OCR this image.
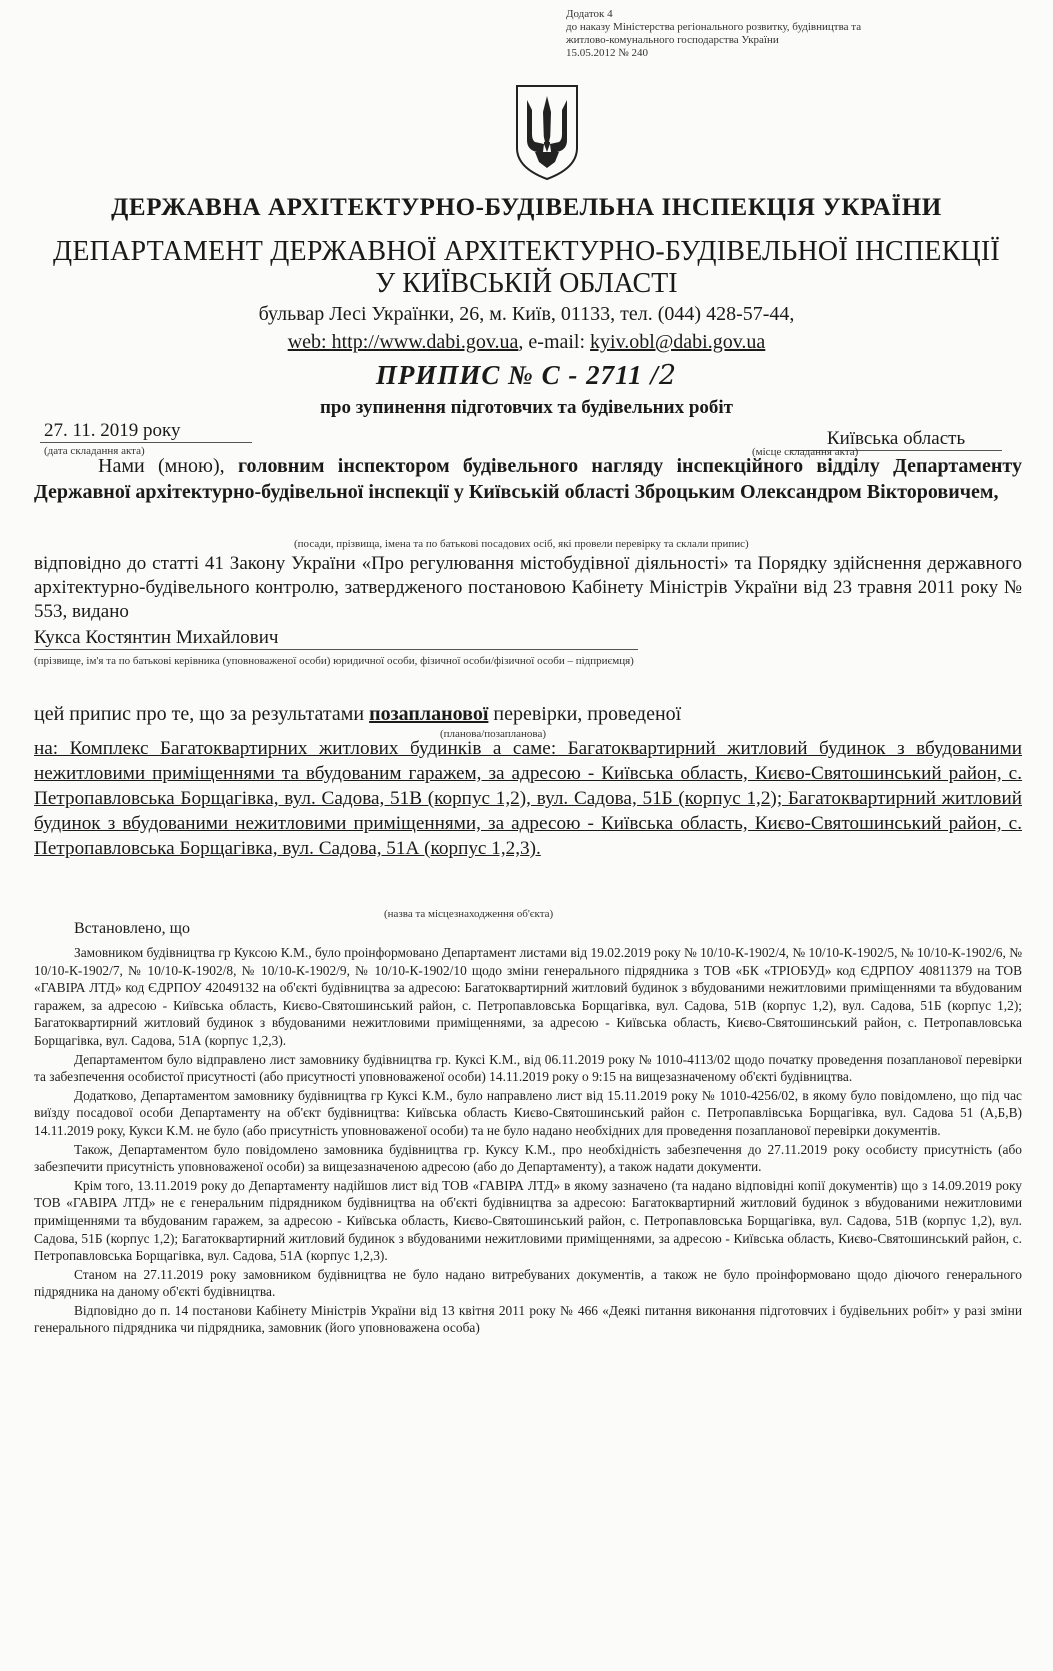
Додаток 4
до наказу Міністерства регіонального розвитку, будівництва та
житлово-комунального господарства України
15.05.2012 № 240
ДЕРЖАВНА АРХІТЕКТУРНО-БУДІВЕЛЬНА ІНСПЕКЦІЯ УКРАЇНИ
ДЕПАРТАМЕНТ ДЕРЖАВНОЇ АРХІТЕКТУРНО-БУДІВЕЛЬНОЇ ІНСПЕКЦІЇ
У КИЇВСЬКІЙ ОБЛАСТІ
бульвар Лесі Українки, 26, м. Київ, 01133, тел. (044) 428-57-44,
web: http://www.dabi.gov.ua, e-mail: kyiv.obl@dabi.gov.ua
ПРИПИС № С - 2711 /2
про зупинення підготовчих та будівельних робіт
27. 11. 2019 року
(дата складання акта)
Київська область
(місце складання акта)
Нами (мною), головним інспектором будівельного нагляду інспекційного відділу Департаменту Державної архітектурно-будівельної інспекції у Київській області Зброцьким Олександром Вікторовичем,
(посади, прізвища, імена та по батькові посадових осіб, які провели перевірку та склали припис)
відповідно до статті 41 Закону України «Про регулювання містобудівної діяльності» та Порядку здійснення державного архітектурно-будівельного контролю, затвердженого постановою Кабінету Міністрів України від 23 травня 2011 року № 553, видано
Кукса Костянтин Михайлович
(прізвище, ім'я та по батькові керівника (уповноваженої особи) юридичної особи, фізичної особи/фізичної особи – підприємця)
цей припис про те, що за результатами позапланової перевірки, проведеної
(планова/позапланова)
на: Комплекс Багатоквартирних житлових будинків а саме: Багатоквартирний житловий будинок з вбудованими нежитловими приміщеннями та вбудованим гаражем, за адресою - Київська область, Києво-Святошинський район, с. Петропавловська Борщагівка, вул. Садова, 51В (корпус 1,2), вул. Садова, 51Б (корпус 1,2); Багатоквартирний житловий будинок з вбудованими нежитловими приміщеннями, за адресою - Київська область, Києво-Святошинський район, с. Петропавловська Борщагівка, вул. Садова, 51А (корпус 1,2,3).
(назва та місцезнаходження об'єкта)
Встановлено, що

Замовником будівництва гр Куксою К.М., було проінформовано Департамент листами від 19.02.2019 року № 10/10-К-1902/4, № 10/10-К-1902/5, № 10/10-К-1902/6, № 10/10-К-1902/7, № 10/10-К-1902/8, № 10/10-К-1902/9, № 10/10-К-1902/10 щодо зміни генерального підрядника з ТОВ «БК «ТРІОБУД» код ЄДРПОУ 40811379 на ТОВ «ГАВІРА ЛТД» код ЄДРПОУ 42049132 на об'єкті будівництва за адресою: Багатоквартирний житловий будинок з вбудованими нежитловими приміщеннями та вбудованим гаражем, за адресою - Київська область, Києво-Святошинський район, с. Петропавловська Борщагівка, вул. Садова, 51В (корпус 1,2), вул. Садова, 51Б (корпус 1,2); Багатоквартирний житловий будинок з вбудованими нежитловими приміщеннями, за адресою - Київська область, Києво-Святошинський район, с. Петропавловська Борщагівка, вул. Садова, 51А (корпус 1,2,3).

Департаментом було відправлено лист замовнику будівництва гр. Куксі К.М., від 06.11.2019 року № 1010-4113/02 щодо початку проведення позапланової перевірки та забезпечення особистої присутності (або присутності уповноваженої особи) 14.11.2019 року о 9:15 на вищезазначеному об'єкті будівництва.

Додатково, Департаментом замовнику будівництва гр Куксі К.М., було направлено лист від 15.11.2019 року № 1010-4256/02, в якому було повідомлено, що під час виїзду посадової особи Департаменту на об'єкт будівництва: Київська область Києво-Святошинський район с. Петропавлівська Борщагівка, вул. Садова 51 (А,Б,В) 14.11.2019 року, Кукси К.М. не було (або присутність уповноваженої особи) та не було надано необхідних для проведення позапланової перевірки документів.

Також, Департаментом було повідомлено замовника будівництва гр. Куксу К.М., про необхідність забезпечення до 27.11.2019 року особисту присутність (або забезпечити присутність уповноваженої особи) за вищезазначеною адресою (або до Департаменту), а також надати документи.

Крім того, 13.11.2019 року до Департаменту надійшов лист від ТОВ «ГАВІРА ЛТД» в якому зазначено (та надано відповідні копії документів) що з 14.09.2019 року ТОВ «ГАВІРА ЛТД» не є генеральним підрядником будівництва на об'єкті будівництва за адресою: Багатоквартирний житловий будинок з вбудованими нежитловими приміщеннями та вбудованим гаражем, за адресою - Київська область, Києво-Святошинський район, с. Петропавловська Борщагівка, вул. Садова, 51В (корпус 1,2), вул. Садова, 51Б (корпус 1,2); Багатоквартирний житловий будинок з вбудованими нежитловими приміщеннями, за адресою - Київська область, Києво-Святошинський район, с. Петропавловська Борщагівка, вул. Садова, 51А (корпус 1,2,3).

Станом на 27.11.2019 року замовником будівництва не було надано витребуваних документів, а також не було проінформовано щодо діючого генерального підрядника на даному об'єкті будівництва.

Відповідно до п. 14 постанови Кабінету Міністрів України від 13 квітня 2011 року № 466 «Деякі питання виконання підготовчих і будівельних робіт» у разі зміни генерального підрядника чи підрядника, замовник (його уповноважена особа)
